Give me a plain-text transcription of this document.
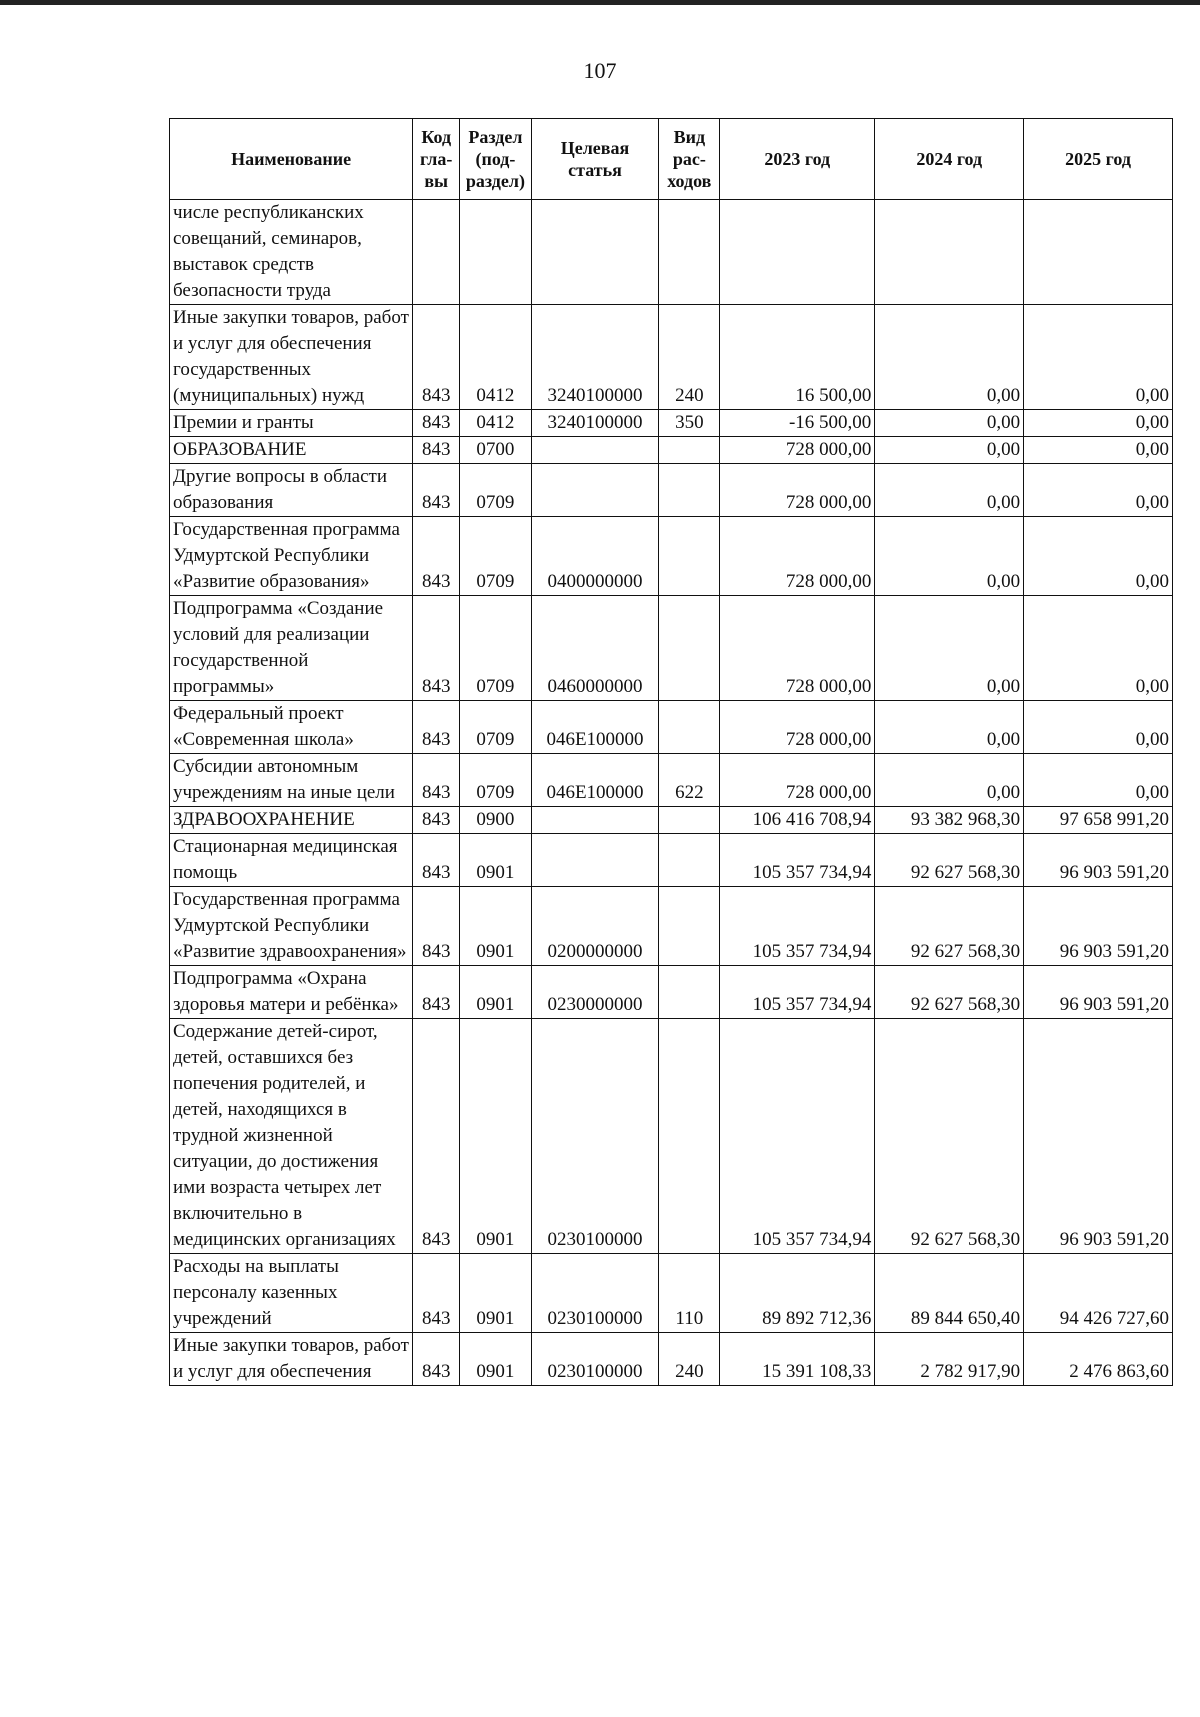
107
Наименование	Код гла-вы	Раздел (под-раздел)	Целевая статья	Вид рас-ходов	2023 год	2024 год	2025 год
числе республиканских совещаний, семинаров, выставок средств безопасности труда							
Иные закупки товаров, работ и услуг для обеспечения государственных (муниципальных) нужд	843	0412	3240100000	240	16 500,00	0,00	0,00
Премии и гранты	843	0412	3240100000	350	-16 500,00	0,00	0,00
ОБРАЗОВАНИЕ	843	0700			728 000,00	0,00	0,00
Другие вопросы в области образования	843	0709			728 000,00	0,00	0,00
Государственная программа Удмуртской Республики «Развитие образования»	843	0709	0400000000		728 000,00	0,00	0,00
Подпрограмма «Создание условий для реализации государственной программы»	843	0709	0460000000		728 000,00	0,00	0,00
Федеральный проект «Современная школа»	843	0709	046Е100000		728 000,00	0,00	0,00
Субсидии автономным учреждениям на иные цели	843	0709	046Е100000	622	728 000,00	0,00	0,00
ЗДРАВООХРАНЕНИЕ	843	0900			106 416 708,94	93 382 968,30	97 658 991,20
Стационарная медицинская помощь	843	0901			105 357 734,94	92 627 568,30	96 903 591,20
Государственная программа Удмуртской Республики «Развитие здравоохранения»	843	0901	0200000000		105 357 734,94	92 627 568,30	96 903 591,20
Подпрограмма «Охрана здоровья матери и ребёнка»	843	0901	0230000000		105 357 734,94	92 627 568,30	96 903 591,20
Содержание детей-сирот, детей, оставшихся без попечения родителей, и детей, находящихся в трудной жизненной ситуации, до достижения ими возраста четырех лет включительно в медицинских организациях	843	0901	0230100000		105 357 734,94	92 627 568,30	96 903 591,20
Расходы на выплаты персоналу казенных учреждений	843	0901	0230100000	110	89 892 712,36	89 844 650,40	94 426 727,60
Иные закупки товаров, работ и услуг для обеспечения	843	0901	0230100000	240	15 391 108,33	2 782 917,90	2 476 863,60
